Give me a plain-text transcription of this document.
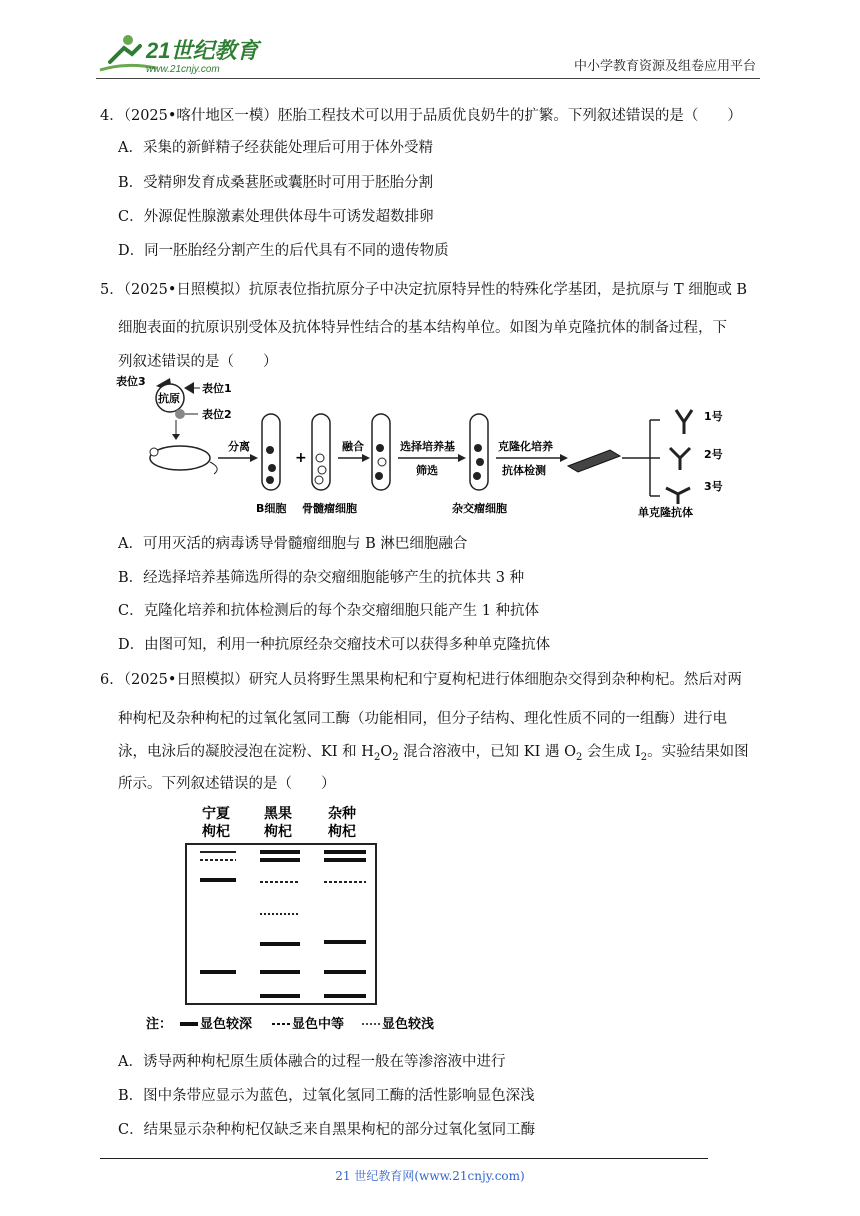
21世纪教育
www.21cnjy.com	中小学教育资源及组卷应用平台
4．（2025•喀什地区一模）胚胎工程技术可以用于品质优良奶牛的扩繁。下列叙述错误的是（　　）
A．采集的新鲜精子经获能处理后可用于体外受精
B．受精卵发育成桑葚胚或囊胚时可用于胚胎分割
C．外源促性腺激素处理供体母牛可诱发超数排卵
D．同一胚胎经分割产生的后代具有不同的遗传物质
5．（2025•日照模拟）抗原表位指抗原分子中决定抗原特异性的特殊化学基团，是抗原与 T 细胞或 B
细胞表面的抗原识别受体及抗体特异性结合的基本结构单位。如图为单克隆抗体的制备过程，下
列叙述错误的是（　　）
表位3
抗原
表位1
表位2
分离
+
融合	选择培养基
筛选
克隆化培养
抗体检测
1号
2号
3号
B细胞 骨髓瘤细胞	杂交瘤细胞	单克隆抗体
A．可用灭活的病毒诱导骨髓瘤细胞与 B 淋巴细胞融合
B．经选择培养基筛选所得的杂交瘤细胞能够产生的抗体共 3 种
C．克隆化培养和抗体检测后的每个杂交瘤细胞只能产生 1 种抗体
D．由图可知，利用一种抗原经杂交瘤技术可以获得多种单克隆抗体
6．（2025•日照模拟）研究人员将野生黑果枸杞和宁夏枸杞进行体细胞杂交得到杂种枸杞。然后对两
种枸杞及杂种枸杞的过氧化氢同工酶（功能相同，但分子结构、理化性质不同的一组酶）进行电
泳，电泳后的凝胶浸泡在淀粉、KI 和 $H_2O_2$ 混合溶液中，已知 KI 遇 $O_2$ 会生成 $I_2$。实验结果如图
所示。下列叙述错误的是（　　）
宁夏
枸杞
黑果
枸杞
杂种
枸杞
注： 显色较深	显色中等	显色较浅
A．诱导两种枸杞原生质体融合的过程一般在等渗溶液中进行
B．图中条带应显示为蓝色，过氧化氢同工酶的活性影响显色深浅
C．结果显示杂种枸杞仅缺乏来自黑果枸杞的部分过氧化氢同工酶
21 世纪教育网(www.21cnjy.com)
